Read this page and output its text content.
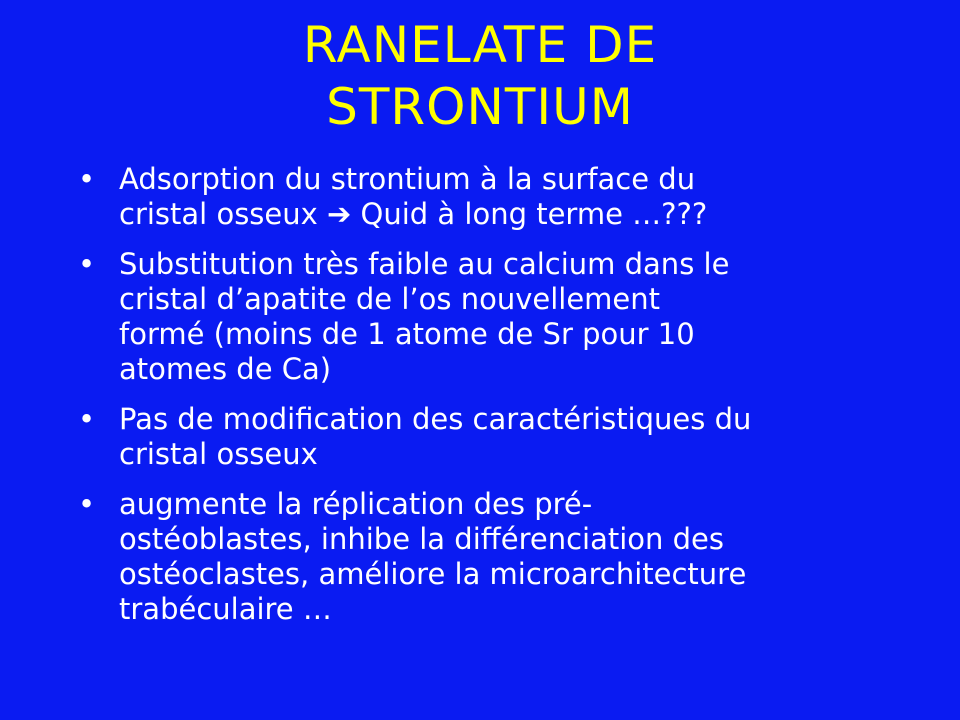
RANELATE DE
STRONTIUM
• Adsorption du strontium à la surface du
cristal osseux ➔ Quid à long terme …???
• Substitution très faible au calcium dans le
cristal d’apatite de l’os nouvellement
formé (moins de 1 atome de Sr pour 10
atomes de Ca)
• Pas de modification des caractéristiques du
cristal osseux
• augmente la réplication des pré-
ostéoblastes, inhibe la différenciation des
ostéoclastes, améliore la microarchitecture
trabéculaire …
